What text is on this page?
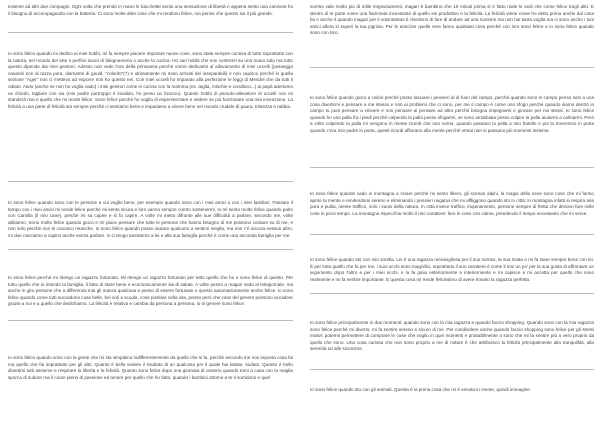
insieme ad altri due compagni. Ogni volta che prendo in mano le bacchette sento una sensazione di libertà e appena sento una canzone ho il bisogno di accompagnarla con la batteria. Ci sono molte altre cose che mi rendono felice, ma penso che questo sia il più grande.

Io sono felice quando mi dedico ai miei hobbi, mi fa sempre piacere imparare nuove cose, sono stata sempre curiosa di tutto soprattutto con la natura, nel mondo del arte o perfino lavori di falegnameria o anche la cucina. Ho vari hobbi che non centrerei su una mano sola ma tutto questo dipende dai miei genitori. Adesso non vedo l'ora della primavera perché vorrei dedicarmi al allevamento di miei uccelli (posseggo canarini non di razza pura, diamante di gould, "colorito"(?) e ultimamente mi sono arrivati dei inseparabili) e non capisco perché in quella sezione "Ager" non ci mettevo ad esporre non ho questo nei. Con miei uccelli ho imparato alla perfezione le leggi di Mendel che da tutti ti odiato. Aiuto (anche se non ho voglia vado) i miei genitori come in cucina con la mamma (es. taglia, mischie e condisco...) ai papà aderiamo un chiodo, tagliare con sia (mio padre purtroppo è invalido, ho perso un braccio). Questo hobbi di pseudo-allevatore di uccelli non mi standerà mai e quello che mi rende felice. Sono felice perché ho voglia di esperimentare e vedere se più funzionare una mia invenzione. La felicità a una parte di felicità sta sempre perché ci sentiamo bene e impariamo a vivere bene nel mondo crudele di paura, tristezza e rabbia.

Io sono felice quando sono con le persone a cui voglio bene, per esempio quando sono con i miei amici o con i miei familiari. Passare il tempo con i miei amici mi rende felice perché mi sento sicura e loro vanno sempre contro sostenermi. Io mi sento molto felice quando parlo con Camilla (il mio cane), perché mi sa capire e sì fa capire. A volte mi metto difronte alle sue difficoltà a parlare, secondo me, volte abbiamo. Sono molto felice quando gioco e mi piace pensare che tutte le persone che hanno bisogno di me possono contare su di me, e non solo perché non le conosco neanche. Io sono felice quando posso aiutare qualcuno a sentirsi meglio, ma non c'è ancora nessun altro, mi due riusciamo a capirci anche senza parlare. Io ci tengo tantissimo a lei e alla sua famiglia perché è come una seconda famiglia per me.

Io sono felice perché mi ritengo un ragazzo fortunato. Mi ritengo un ragazzo fortunato per tutto quello che ho e sono felice di questo. Per tutto quello che io intendo la famiglia, il fatto di stare bene e economicamente sia di salute. A volte penso a magari vedo al telegiornale, ma anche in giro persone che a differenza mia gli manca qualcosa e penso di essere fortunato e questo automaticamente anche felice. Io sono felice quando come tutti succedono cose belle, bei voti a scuola, cose positive nella vita, penso però che cose del genere possono accadere grazie a noi e a quello che dedichiamo. La felicità è relativa e cambia da persona a persona, io in genere sono felice.

Io sono felice quando sono con la gente che mi sta simpatica indifferentemente da quello che si fa, perché secondo me non importa cosa fai ma quello che fai soprattutto per gli altri. Quanto è bello vedere il risultato di un qualcosa per il quale hai lottato, sudato. Quanto è bello divertirsi tutti assieme e respirare la libertà e la felicità. Quanto sono felice dopo una giornata di oratorio quando torni a casa con la maglia sporca di sudore ma il cuore pieno di passione ed amore per quello che ho fatto, quando i bambini attorno a te ti sorridono e quel

sorriso vale molto più di mille ringraziamenti, magari 9 bambino che 10 minuti prima si è fatto male lo vedi che come felice tragli altri. E dentro di te parte come una fiammata incessante di quello sei produttivo e la felicità. La felicità viene come ho detto prima anche dal cosa fai e anche il quando magari per il volontariato ti chiedono di fare di andare ad una riunione ma non hai tanta voglia ma ci sono anche i tuoi amici allora sì superi la tua pigrizia. Per le amicizie quelle vere fanno qualsiasi cosa perché con loro sono felice e io sono felice quando sono con loro.

Io sono felice quando gioco a calcio perché posso lasciare i pensieri al di fuori del campo, perché quando sono in campo penso solo a una cosa divertirmi e pensare a me stesso e non ai problemi che ci sono, per me il campo è come uno sfogo perché quando siamo dentro in campo tu puoi pensare a vincere e non pensare ai pensare ad altro perché bisogna impegnarsi e giocare per noi stessi. Io sono felice quando ho una palla fra i piedi perché colpendo la palla posso sfogarmi, se sono arrabbiata posso colpire la palla aiutarmi a calmarmi. Però a volte colpendo la palla mi vengono in mente ricordi che non vorrei, quando passavo la palla a mio fratello e poi la troveremo in porta quando c'era mio padre in porta, questi ricordi affiorano alla mente perché ormai non si passano più momenti insieme.

Io sono felice quando vado in montagna a sciare perché mi sento libero, gli scenari alpini, la magia della neve sono cose che mi fanno aprire la mente e rendendomi sereno e eliminando i pensieri negativi che mi affliggono quando sto in città; in montagna infatti si respira aria pura e pulita, niente traffico, solo i suoni della natura. In città invece traffico, inquinamento, persone sempre di fretta che devono fare mille cose in poco tempo. La montagna rispecchia molto il mio carattere: fare le cose con calma, prendendo il tempo necessario che mi serve.

Io sono felice quando sto con mio sorella. Lei è una ragazza meravigliosa per il suo sorriso, la sua risata e mi fa stare sempre bene con lei. È per tutto quello che fa per me, i suoi occhi sono magnifici, soprattutto il suo carattere è come il mio un po' per la sua gusta di affrontare un argomento dopo l'altro e per i miei occhi, e la fa gioia esteriormente e interiormente e mi capisce e mi accetta per quello che sono realmente e mi fa sentire importante. E questa cosa mi rende felicissimo di avere trovato la ragazza perfetta.

Io sono felice principalmente in due momenti: quando sono con la mia ragazza e quando faccio shopping. Quando sono con la mia ragazza sono felice perché mi diverto, mi fa sentire sereno e sicuro di me. Per condividere anche quando faccio shopping sono felice per gli stessi motivi: potermi permettere di comprare le cose che voglio in quei momenti e probabilmente a sono che mi fa sentire più a vero proprio da quello che sono. Una cosa curiosa che non sono proprio a me di notare è che attribuisco la felicità principalmente alla tranquillità, alla serenità ed alle sicurezze.

Io sono felice quando sto con gli animali. Questa è la prima cosa che mi è venuta in mente, quindi immagino
